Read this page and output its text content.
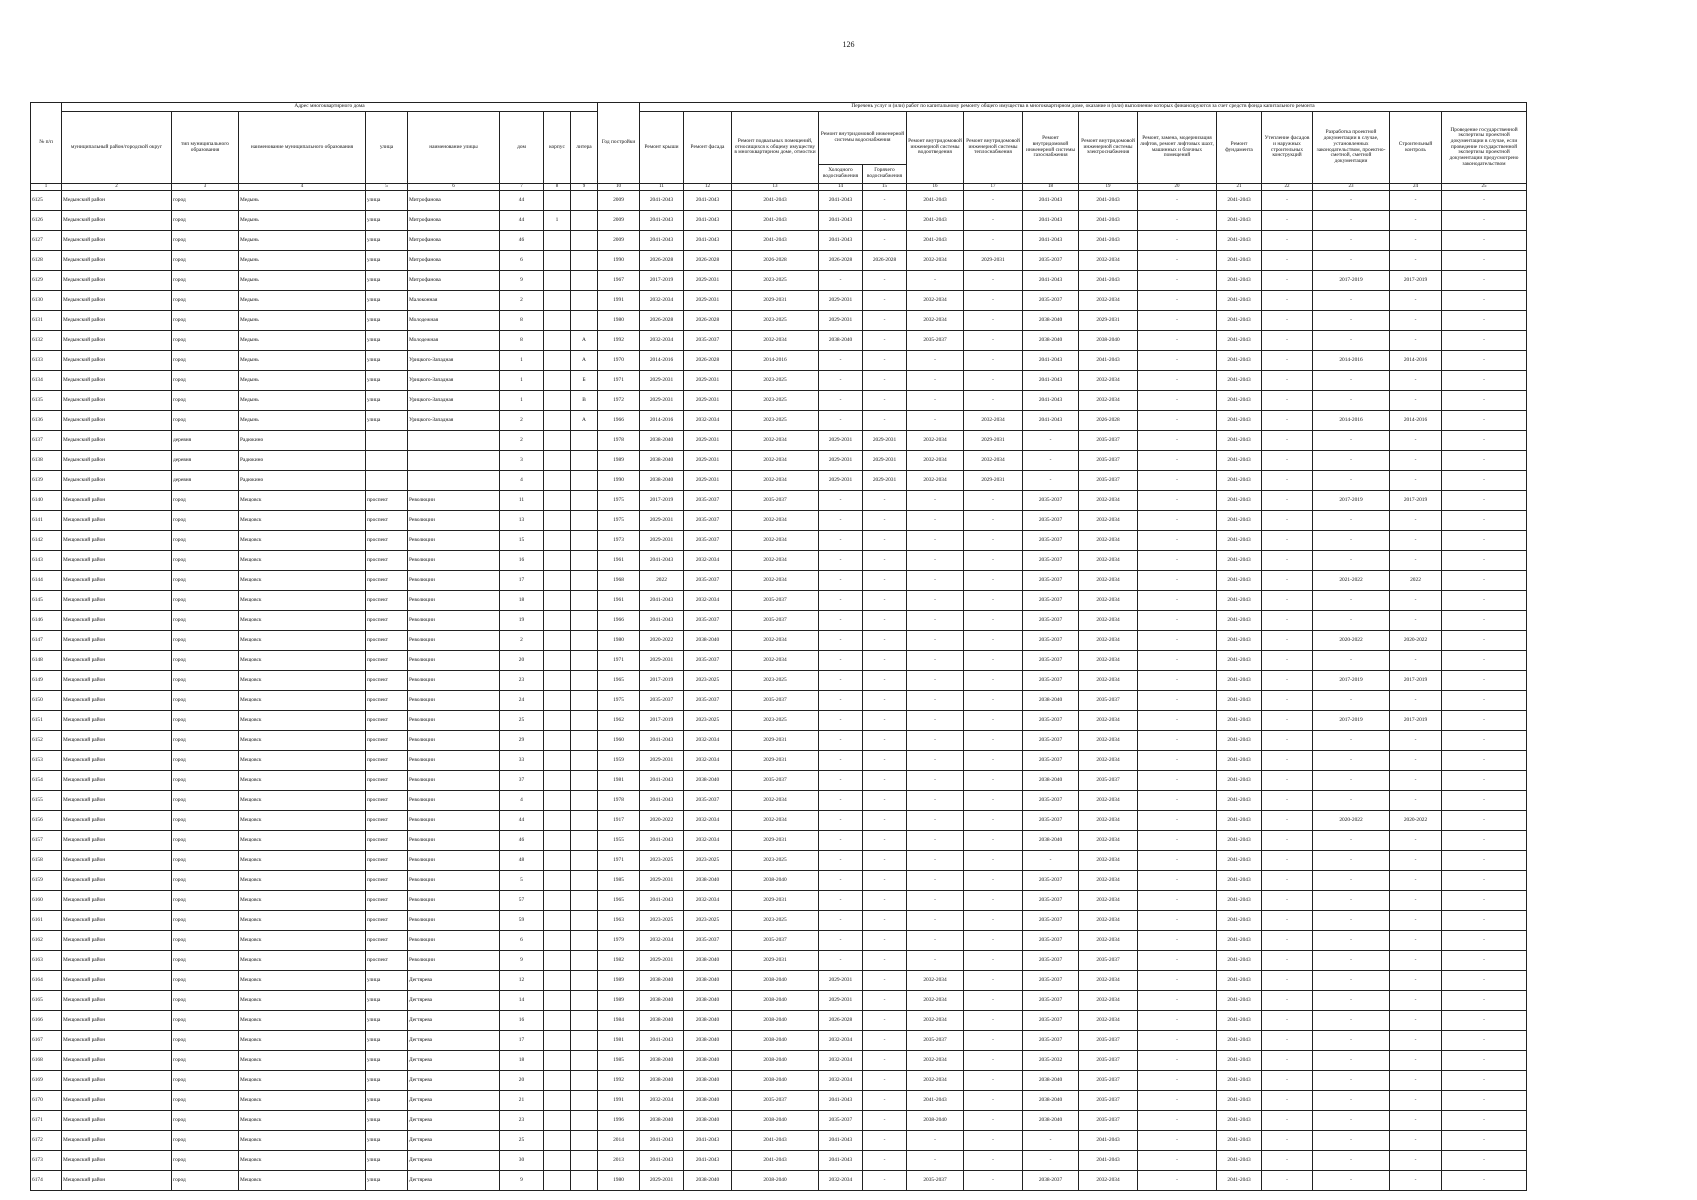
126
№ п/п	Адрес многоквартирного дома								Год постройки	Перечень услуг и (или) работ по капитальному ремонту общего имущества в многоквартирном доме, оказание и (или) выполнение которых финансируются за счет средств фонда капитального ремонта														
	муниципальный район/городской округ	тип муниципального образования	наименование муниципального образования	улица	наименование улицы	дом	корпус	литера		Ремонт крыши	Ремонт фасада	Ремонт подвальных помещений, относящихся к общему имуществу в многоквартирном доме, отмостки	Ремонт внутридомовой инженерной системы водоснабжения		Ремонт внутридомовой инженерной системы водоотведения	Ремонт внутридомовой инженерной системы теплоснабжения	Ремонт внутридомовой инженерной системы газоснабжения	Ремонт внутридомовой инженерной системы электроснабжения	Ремонт, замена, модернизация лифтов, ремонт лифтовых шахт, машинных и блочных помещений	Ремонт фундамента	Утепление фасадов и наружных строительных конструкций	Разработка проектной документации в случае, установленных законодательством, проектно-сметной, сметной документации	Строительный контроль	Проведение государственной экспертизы проектной документации в случае, если проведение государственной экспертизы проектной документации предусмотрено законодательством
													Холодного водоснабжения	Горячего водоснабжения										
1	2	3	4	5	6	7	8	9	10	11	12	13	14	15	16	17	18	19	20	21	22	23	24	25
6125	Медынский район	город	Медынь	улица	Митрофанова	44			2009	2041-2043	2041-2043	2041-2043	2041-2043	-	2041-2043	-	2041-2043	2041-2043	-	2041-2043	-	-	-	-
6126	Медынский район	город	Медынь	улица	Митрофанова	44	1		2009	2041-2043	2041-2043	2041-2043	2041-2043	-	2041-2043	-	2041-2043	2041-2043	-	2041-2043	-	-	-	-
6127	Медынский район	город	Медынь	улица	Митрофанова	46			2009	2041-2043	2041-2043	2041-2043	2041-2043	-	2041-2043	-	2041-2043	2041-2043	-	2041-2043	-	-	-	-
6128	Медынский район	город	Медынь	улица	Митрофанова	6			1990	2026-2028	2026-2028	2026-2028	2026-2028	2026-2028	2032-2034	2029-2031	2035-2037	2032-2034	-	2041-2043	-	-	-	-
6129	Медынский район	город	Медынь	улица	Митрофанова	9			1967	2017-2019	2029-2031	2023-2025	-	-	-	-	2041-2043	2041-2043	-	2041-2043	-	2017-2019	2017-2019	-
6130	Медынский район	город	Медынь	улица	Малоконная	2			1991	2032-2034	2029-2031	2029-2031	2029-2031	-	2032-2034	-	2035-2037	2032-2034	-	2041-2043	-	-	-	-
6131	Медынский район	город	Медынь	улица	Молодежная	8			1980	2026-2028	2026-2028	2023-2025	2029-2031	-	2032-2034	-	2038-2040	2029-2031	-	2041-2043	-	-	-	-
6132	Медынский район	город	Медынь	улица	Молодежная	8		А	1992	2032-2034	2035-2037	2032-2034	2038-2040	-	2035-2037	-	2038-2040	2038-2040	-	2041-2043	-	-	-	-
6133	Медынский район	город	Медынь	улица	Урицкого-Западная	1		А	1970	2014-2016	2026-2028	2014-2016	-	-	-	-	2041-2043	2041-2043	-	2041-2043	-	2014-2016	2014-2016	-
6134	Медынский район	город	Медынь	улица	Урицкого-Западная	1		Б	1971	2029-2031	2029-2031	2023-2025	-	-	-	-	2041-2043	2032-2034	-	2041-2043	-	-	-	-
6135	Медынский район	город	Медынь	улица	Урицкого-Западная	1		В	1972	2029-2031	2029-2031	2023-2025	-	-	-	-	2041-2043	2032-2034	-	2041-2043	-	-	-	-
6136	Медынский район	город	Медынь	улица	Урицкого-Западная	2		А	1966	2014-2016	2032-2034	2023-2025	-	-	-	2032-2034	2041-2043	2026-2028	-	2041-2043	-	2014-2016	2014-2016	-
6137	Медынский район	деревня	Радюкино			2			1978	2038-2040	2029-2031	2032-2034	2029-2031	2029-2031	2032-2034	2029-2031	-	2035-2037	-	2041-2043	-	-	-	-
6138	Медынский район	деревня	Радюкино			3			1989	2038-2040	2029-2031	2032-2034	2029-2031	2029-2031	2032-2034	2032-2034	-	2035-2037	-	2041-2043	-	-	-	-
6139	Медынский район	деревня	Радюкино			4			1990	2038-2040	2029-2031	2032-2034	2029-2031	2029-2031	2032-2034	2029-2031	-	2035-2037	-	2041-2043	-	-	-	-
6140	Мещовский район	город	Мещовск	проспект	Революции	11			1975	2017-2019	2035-2037	2035-2037	-	-	-	-	2035-2037	2032-2034	-	2041-2043	-	2017-2019	2017-2019	-
6141	Мещовский район	город	Мещовск	проспект	Революции	13			1975	2029-2031	2035-2037	2032-2034	-	-	-	-	2035-2037	2032-2034	-	2041-2043	-	-	-	-
6142	Мещовский район	город	Мещовск	проспект	Революции	15			1973	2029-2031	2035-2037	2032-2034	-	-	-	-	2035-2037	2032-2034	-	2041-2043	-	-	-	-
6143	Мещовский район	город	Мещовск	проспект	Революции	16			1961	2041-2043	2032-2034	2032-2034	-	-	-	-	2035-2037	2032-2034	-	2041-2043	-	-	-	-
6144	Мещовский район	город	Мещовск	проспект	Революции	17			1968	2022	2035-2037	2032-2034	-	-	-	-	2035-2037	2032-2034	-	2041-2043	-	2021-2022	2022	-
6145	Мещовский район	город	Мещовск	проспект	Революции	18			1961	2041-2043	2032-2034	2035-2037	-	-	-	-	2035-2037	2032-2034	-	2041-2043	-	-	-	-
6146	Мещовский район	город	Мещовск	проспект	Революции	19			1966	2041-2043	2035-2037	2035-2037	-	-	-	-	2035-2037	2032-2034	-	2041-2043	-	-	-	-
6147	Мещовский район	город	Мещовск	проспект	Революции	2			1980	2020-2022	2038-2040	2032-2034	-	-	-	-	2035-2037	2032-2034	-	2041-2043	-	2020-2022	2020-2022	-
6148	Мещовский район	город	Мещовск	проспект	Революции	20			1971	2029-2031	2035-2037	2032-2034	-	-	-	-	2035-2037	2032-2034	-	2041-2043	-	-	-	-
6149	Мещовский район	город	Мещовск	проспект	Революции	23			1965	2017-2019	2023-2025	2023-2025	-	-	-	-	2035-2037	2032-2034	-	2041-2043	-	2017-2019	2017-2019	-
6150	Мещовский район	город	Мещовск	проспект	Революции	24			1975	2035-2037	2035-2037	2035-2037	-	-	-	-	2038-2040	2035-2037	-	2041-2043	-	-	-	-
6151	Мещовский район	город	Мещовск	проспект	Революции	25			1962	2017-2019	2023-2025	2023-2025	-	-	-	-	2035-2037	2032-2034	-	2041-2043	-	2017-2019	2017-2019	-
6152	Мещовский район	город	Мещовск	проспект	Революции	29			1960	2041-2043	2032-2034	2029-2031	-	-	-	-	2035-2037	2032-2034	-	2041-2043	-	-	-	-
6153	Мещовский район	город	Мещовск	проспект	Революции	33			1959	2029-2031	2032-2034	2029-2031	-	-	-	-	2035-2037	2032-2034	-	2041-2043	-	-	-	-
6154	Мещовский район	город	Мещовск	проспект	Революции	37			1981	2041-2043	2038-2040	2035-2037	-	-	-	-	2038-2040	2035-2037	-	2041-2043	-	-	-	-
6155	Мещовский район	город	Мещовск	проспект	Революции	4			1978	2041-2043	2035-2037	2032-2034	-	-	-	-	2035-2037	2032-2034	-	2041-2043	-	-	-	-
6156	Мещовский район	город	Мещовск	проспект	Революции	44			1917	2020-2022	2032-2034	2032-2034	-	-	-	-	2035-2037	2032-2034	-	2041-2043	-	2020-2022	2020-2022	-
6157	Мещовский район	город	Мещовск	проспект	Революции	46			1955	2041-2043	2032-2034	2029-2031	-	-	-	-	2038-2040	2032-2034	-	2041-2043	-	-	-	-
6158	Мещовский район	город	Мещовск	проспект	Революции	48			1971	2023-2025	2023-2025	2023-2025	-	-	-	-	-	2032-2034	-	2041-2043	-	-	-	-
6159	Мещовский район	город	Мещовск	проспект	Революции	5			1985	2029-2031	2038-2040	2038-2040	-	-	-	-	2035-2037	2032-2034	-	2041-2043	-	-	-	-
6160	Мещовский район	город	Мещовск	проспект	Революции	57			1965	2041-2043	2032-2034	2029-2031	-	-	-	-	2035-2037	2032-2034	-	2041-2043	-	-	-	-
6161	Мещовский район	город	Мещовск	проспект	Революции	59			1963	2023-2025	2023-2025	2023-2025	-	-	-	-	2035-2037	2032-2034	-	2041-2043	-	-	-	-
6162	Мещовский район	город	Мещовск	проспект	Революции	6			1979	2032-2034	2035-2037	2035-2037	-	-	-	-	2035-2037	2032-2034	-	2041-2043	-	-	-	-
6163	Мещовский район	город	Мещовск	проспект	Революции	9			1982	2029-2031	2038-2040	2029-2031	-	-	-	-	2035-2037	2035-2037	-	2041-2043	-	-	-	-
6164	Мещовский район	город	Мещовск	улица	Дегтярева	12			1989	2038-2040	2038-2040	2038-2040	2029-2031	-	2032-2034	-	2035-2037	2032-2034	-	2041-2043	-	-	-	-
6165	Мещовский район	город	Мещовск	улица	Дегтярева	14			1989	2038-2040	2038-2040	2038-2040	2029-2031	-	2032-2034	-	2035-2037	2032-2034	-	2041-2043	-	-	-	-
6166	Мещовский район	город	Мещовск	улица	Дегтярева	16			1984	2038-2040	2038-2040	2038-2040	2026-2028	-	2032-2034	-	2035-2037	2032-2034	-	2041-2043	-	-	-	-
6167	Мещовский район	город	Мещовск	улица	Дегтярева	17			1981	2041-2043	2038-2040	2038-2040	2032-2034	-	2035-2037	-	2035-2037	2035-2037	-	2041-2043	-	-	-	-
6168	Мещовский район	город	Мещовск	улица	Дегтярева	18			1985	2038-2040	2038-2040	2038-2040	2032-2034	-	2032-2034	-	2035-2032	2035-2037	-	2041-2043	-	-	-	-
6169	Мещовский район	город	Мещовск	улица	Дегтярева	20			1992	2038-2040	2038-2040	2038-2040	2032-2034	-	2032-2034	-	2038-2040	2035-2037	-	2041-2043	-	-	-	-
6170	Мещовский район	город	Мещовск	улица	Дегтярева	21			1991	2032-2034	2038-2040	2035-2037	2041-2043	-	2041-2043	-	2038-2040	2035-2037	-	2041-2043	-	-	-	-
6171	Мещовский район	город	Мещовск	улица	Дегтярева	23			1996	2038-2040	2038-2040	2038-2040	2035-2037	-	2038-2040	-	2038-2040	2035-2037	-	2041-2043	-	-	-	-
6172	Мещовский район	город	Мещовск	улица	Дегтярева	25			2014	2041-2043	2041-2043	2041-2043	2041-2043	-	-	-	-	2041-2043	-	2041-2043	-	-	-	-
6173	Мещовский район	город	Мещовск	улица	Дегтярева	30			2013	2041-2043	2041-2043	2041-2043	2041-2043	-	-	-	-	2041-2043	-	2041-2043	-	-	-	-
6174	Мещовский район	город	Мещовск	улица	Дегтярева	9			1980	2029-2031	2038-2040	2038-2040	2032-2034	-	2035-2037	-	2038-2037	2032-2034	-	2041-2043	-	-	-	-
